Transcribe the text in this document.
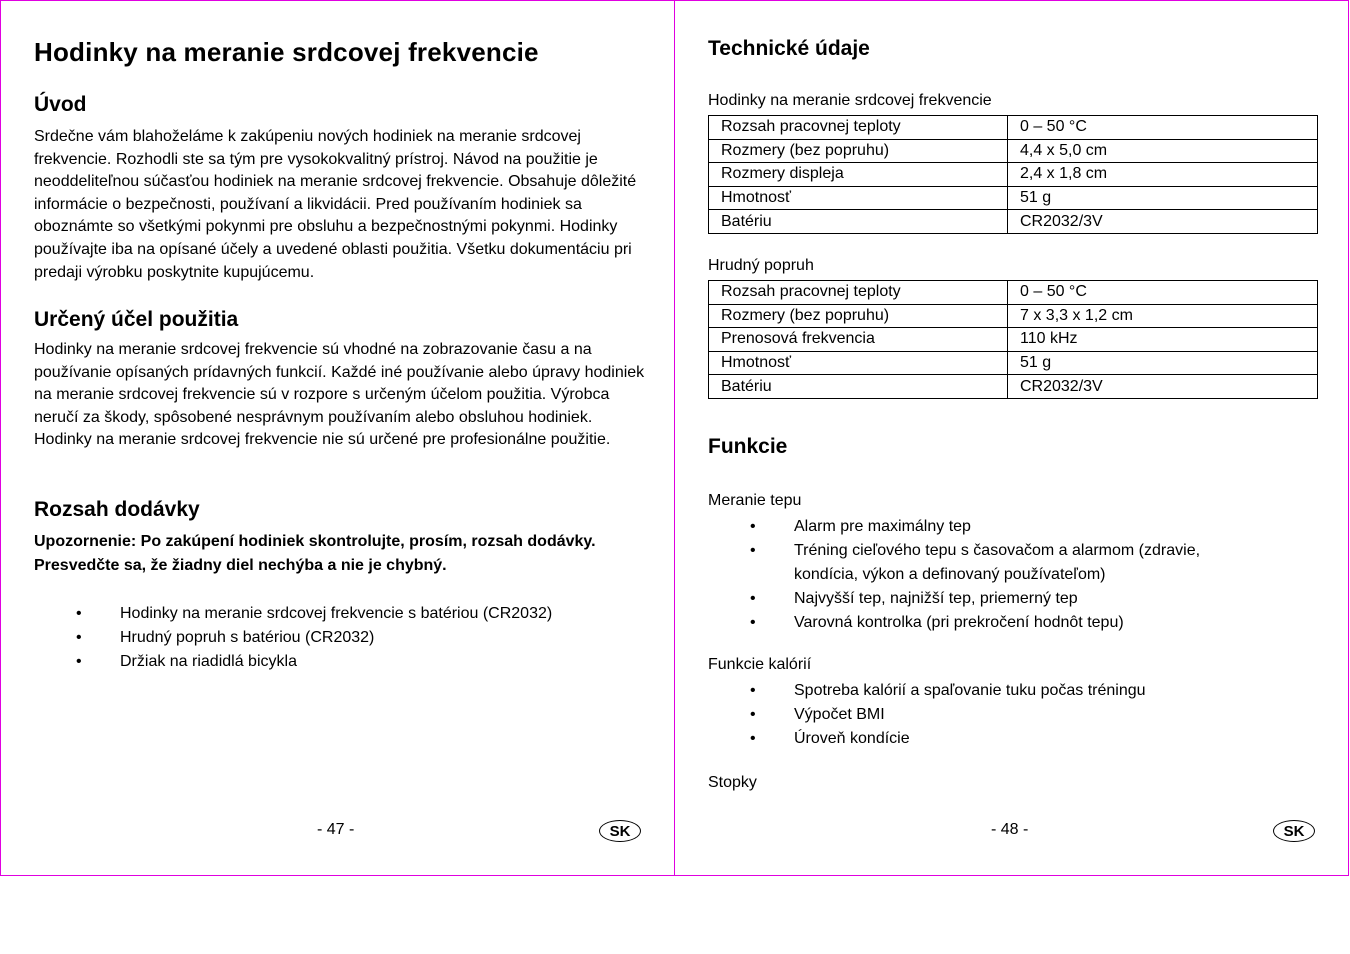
Hodinky na meranie srdcovej frekvencie
Úvod

Srdečne vám blahoželáme k zakúpeniu nových hodiniek na meranie srdcovej frekvencie. Rozhodli ste sa tým pre vysokokvalitný prístroj. Návod na použitie je neoddeliteľnou súčasťou hodiniek na meranie srdcovej frekvencie. Obsahuje dôležité informácie o bezpečnosti, používaní a likvidácii. Pred používaním hodiniek sa oboznámte so všetkými pokynmi pre obsluhu a bezpečnostnými pokynmi. Hodinky používajte iba na opísané účely a uvedené oblasti použitia. Všetku dokumentáciu pri predaji výrobku poskytnite kupujúcemu.

Určený účel použitia

Hodinky na meranie srdcovej frekvencie sú vhodné na zobrazovanie času a na používanie opísaných prídavných funkcií. Každé iné používanie alebo úpravy hodiniek na meranie srdcovej frekvencie sú v rozpore s určeným účelom použitia. Výrobca neručí za škody, spôsobené nesprávnym používaním alebo obsluhou hodiniek. Hodinky na meranie srdcovej frekvencie nie sú určené pre profesionálne použitie.

Rozsah dodávky

Upozornenie: Po zakúpení hodiniek skontrolujte, prosím, rozsah dodávky. Presvedčte sa, že žiadny diel nechýba a nie je chybný.

• Hodinky na meranie srdcovej frekvencie s batériou (CR2032)
• Hrudný popruh s batériou (CR2032)
• Držiak na riadidlá bicykla
- 47 -	SK
Technické údaje
Hodinky na meranie srdcovej frekvencie
Rozsah pracovnej teploty	0 – 50 °C
Rozmery (bez popruhu)	4,4 x 5,0 cm
Rozmery displeja	2,4 x 1,8 cm
Hmotnosť	51 g
Batériu	CR2032/3V
Hrudný popruh
Rozsah pracovnej teploty	0 – 50 °C
Rozmery (bez popruhu)	7 x 3,3 x 1,2 cm
Prenosová frekvencia	110 kHz
Hmotnosť	51 g
Batériu	CR2032/3V
Funkcie
Meranie tepu
• Alarm pre maximálny tep
• Tréning cieľového tepu s časovačom a alarmom (zdravie, kondícia, výkon a definovaný používateľom)
• Najvyšší tep, najnižší tep, priemerný tep
• Varovná kontrolka (pri prekročení hodnôt tepu)
Funkcie kalórií
• Spotreba kalórií a spaľovanie tuku počas tréningu
• Výpočet BMI
• Úroveň kondície
Stopky
- 48 -	SK
